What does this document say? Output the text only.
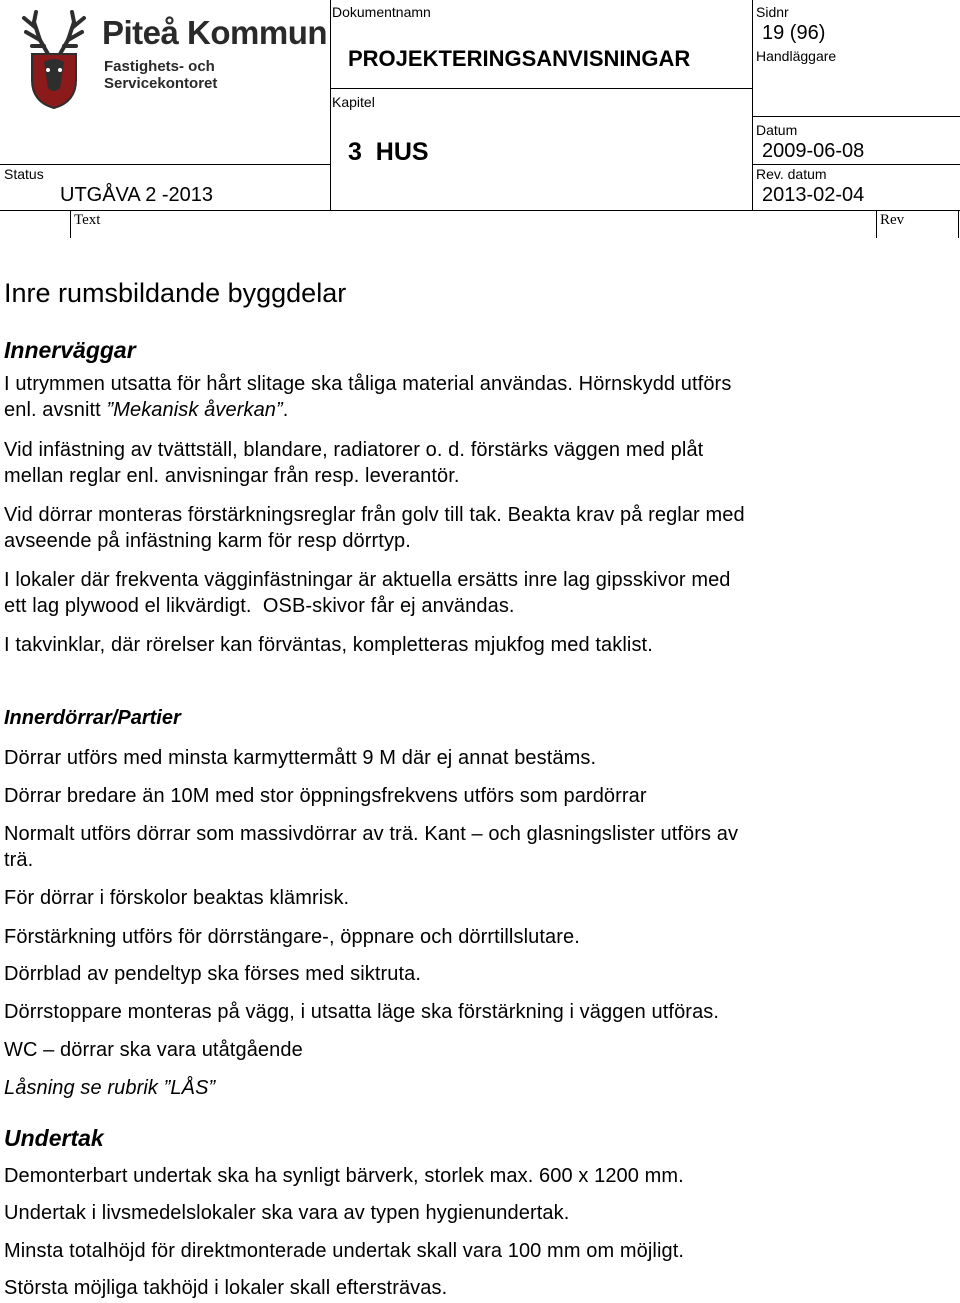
Piteå Kommun
Fastighets- och Servicekontoret
Dokumentnamn
PROJEKTERINGSANVISNINGAR
Kapitel
3  HUS
Sidnr
19 (96)
Handläggare
Datum
2009-06-08
Rev. datum
2013-02-04
Status
UTGÅVA 2 -2013
Text	Rev
Inre rumsbildande byggdelar
Innerväggar

I utrymmen utsatta för hårt slitage ska tåliga material användas. Hörnskydd utförs

enl. avsnitt ”Mekanisk åverkan”.

Vid infästning av tvättställ, blandare, radiatorer o. d. förstärks väggen med plåt

mellan reglar enl. anvisningar från resp. leverantör.

Vid dörrar monteras förstärkningsreglar från golv till tak. Beakta krav på reglar med

avseende på infästning karm för resp dörrtyp.

I lokaler där frekventa vägginfästningar är aktuella ersätts inre lag gipsskivor med

ett lag plywood el likvärdigt.  OSB-skivor får ej användas.

I takvinklar, där rörelser kan förväntas, kompletteras mjukfog med taklist.

Innerdörrar/Partier

Dörrar utförs med minsta karmyttermått 9 M där ej annat bestäms.

Dörrar bredare än 10M med stor öppningsfrekvens utförs som pardörrar

Normalt utförs dörrar som massivdörrar av trä. Kant – och glasningslister utförs av

trä.

För dörrar i förskolor beaktas klämrisk.

Förstärkning utförs för dörrstängare-, öppnare och dörrtillslutare.

Dörrblad av pendeltyp ska förses med siktruta.

Dörrstoppare monteras på vägg, i utsatta läge ska förstärkning i väggen utföras.

WC – dörrar ska vara utåtgående

Låsning se rubrik ”LÅS”

Undertak

Demonterbart undertak ska ha synligt bärverk, storlek max. 600 x 1200 mm.

Undertak i livsmedelslokaler ska vara av typen hygienundertak.

Minsta totalhöjd för direktmonterade undertak skall vara 100 mm om möjligt.

Största möjliga takhöjd i lokaler skall eftersträvas.
